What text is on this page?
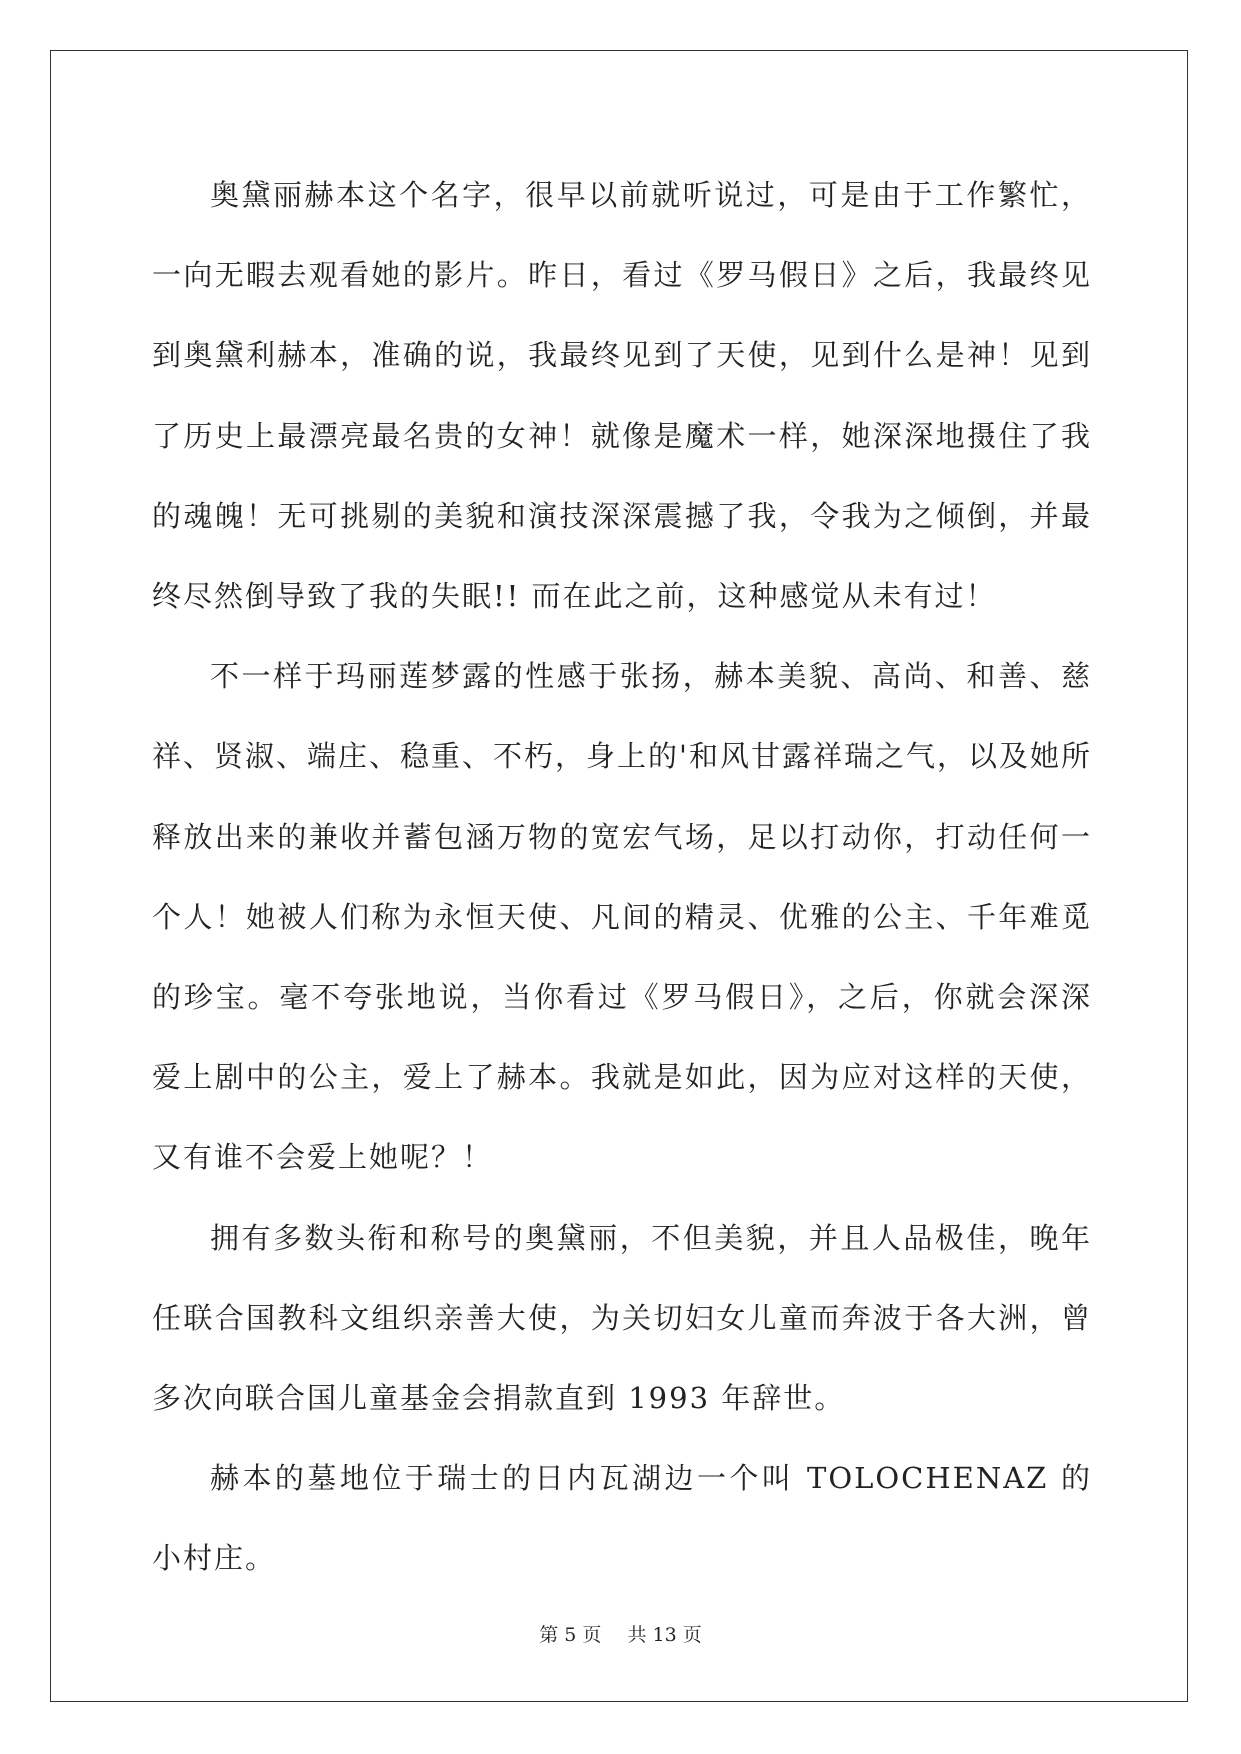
奥黛丽赫本这个名字，很早以前就听说过，可是由于工作繁忙，一向无暇去观看她的影片。昨日，看过《罗马假日》之后，我最终见到奥黛利赫本，准确的说，我最终见到了天使，见到什么是神！见到了历史上最漂亮最名贵的女神！就像是魔术一样，她深深地摄住了我的魂魄！无可挑剔的美貌和演技深深震撼了我，令我为之倾倒，并最终尽然倒导致了我的失眠!! 而在此之前，这种感觉从未有过！

不一样于玛丽莲梦露的性感于张扬，赫本美貌、高尚、和善、慈祥、贤淑、端庄、稳重、不朽，身上的'和风甘露祥瑞之气，以及她所释放出来的兼收并蓄包涵万物的宽宏气场，足以打动你，打动任何一个人！她被人们称为永恒天使、凡间的精灵、优雅的公主、千年难觅的珍宝。毫不夸张地说，当你看过《罗马假日》，之后，你就会深深爱上剧中的公主，爱上了赫本。我就是如此，因为应对这样的天使，又有谁不会爱上她呢？！

拥有多数头衔和称号的奥黛丽，不但美貌，并且人品极佳，晚年任联合国教科文组织亲善大使，为关切妇女儿童而奔波于各大洲，曾多次向联合国儿童基金会捐款直到 1993 年辞世。

赫本的墓地位于瑞士的日内瓦湖边一个叫 TOLOCHENAZ 的小村庄。

第 5 页 共 13 页
